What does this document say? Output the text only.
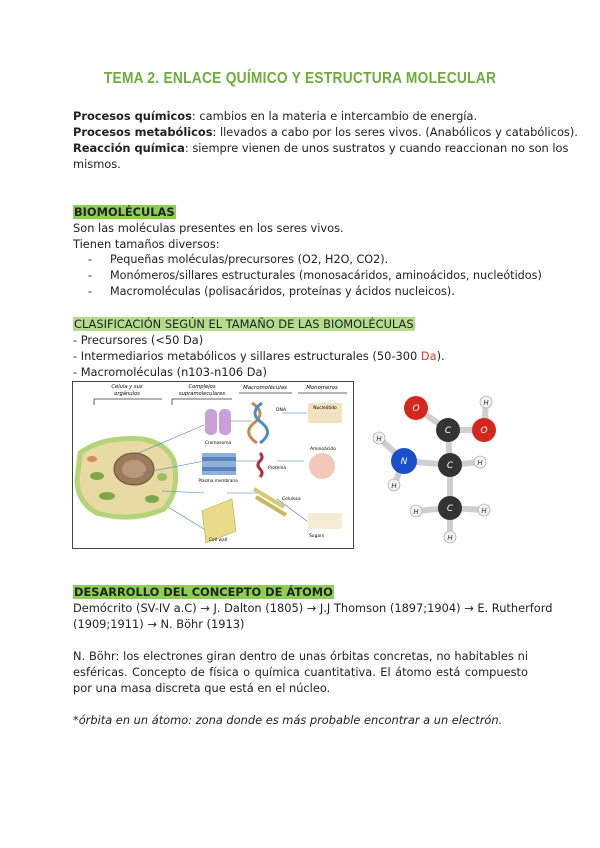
TEMA 2. ENLACE QUÍMICO Y ESTRUCTURA MOLECULAR
Procesos químicos: cambios en la materia e intercambio de energía.
Procesos metabólicos: llevados a cabo por los seres vivos. (Anabólicos y catabólicos).
Reacción química: siempre vienen de unos sustratos y cuando reaccionan no son los
mismos.
BIOMOLÉCULAS
Son las moléculas presentes en los seres vivos.
Tienen tamaños diversos:
- Pequeñas moléculas/precursores (O2, H2O, CO2).
- Monómeros/sillares estructurales (monosacáridos, aminoácidos, nucleótidos)
- Macromoléculas (polisacáridos, proteínas y ácidos nucleicos).
CLASIFICACIÓN SEGÚN EL TAMAÑO DE LAS BIOMOLÉCULAS
- Precursores (<50 Da)
- Intermediarios metabólicos y sillares estructurales (50-300 Da).
- Macromoléculas (n103-n106 Da)
Célula y sus
orgánulos
Complejos
supramoleculares
Macromoléculas	Monómeros
Cromosoma
Plasma membrana
Cell wall
DNA
Proteína
Celulosa
Nucleótido
Aminoácido
Sugars
O
H
O
C
H
N
H
C	H
C
H	H
H
DESARROLLO DEL CONCEPTO DE ÁTOMO
Demócrito (SV-IV a.C) → J. Dalton (1805) → J.J Thomson (1897;1904) → E. Rutherford
(1909;1911) → N. Böhr (1913)
N. Böhr: los electrones giran dentro de unas órbitas concretas, no habitables ni esféricas. Concepto de física o química cuantitativa. El átomo está compuesto por una masa discreta que está en el núcleo.
*órbita en un átomo: zona donde es más probable encontrar a un electrón.
